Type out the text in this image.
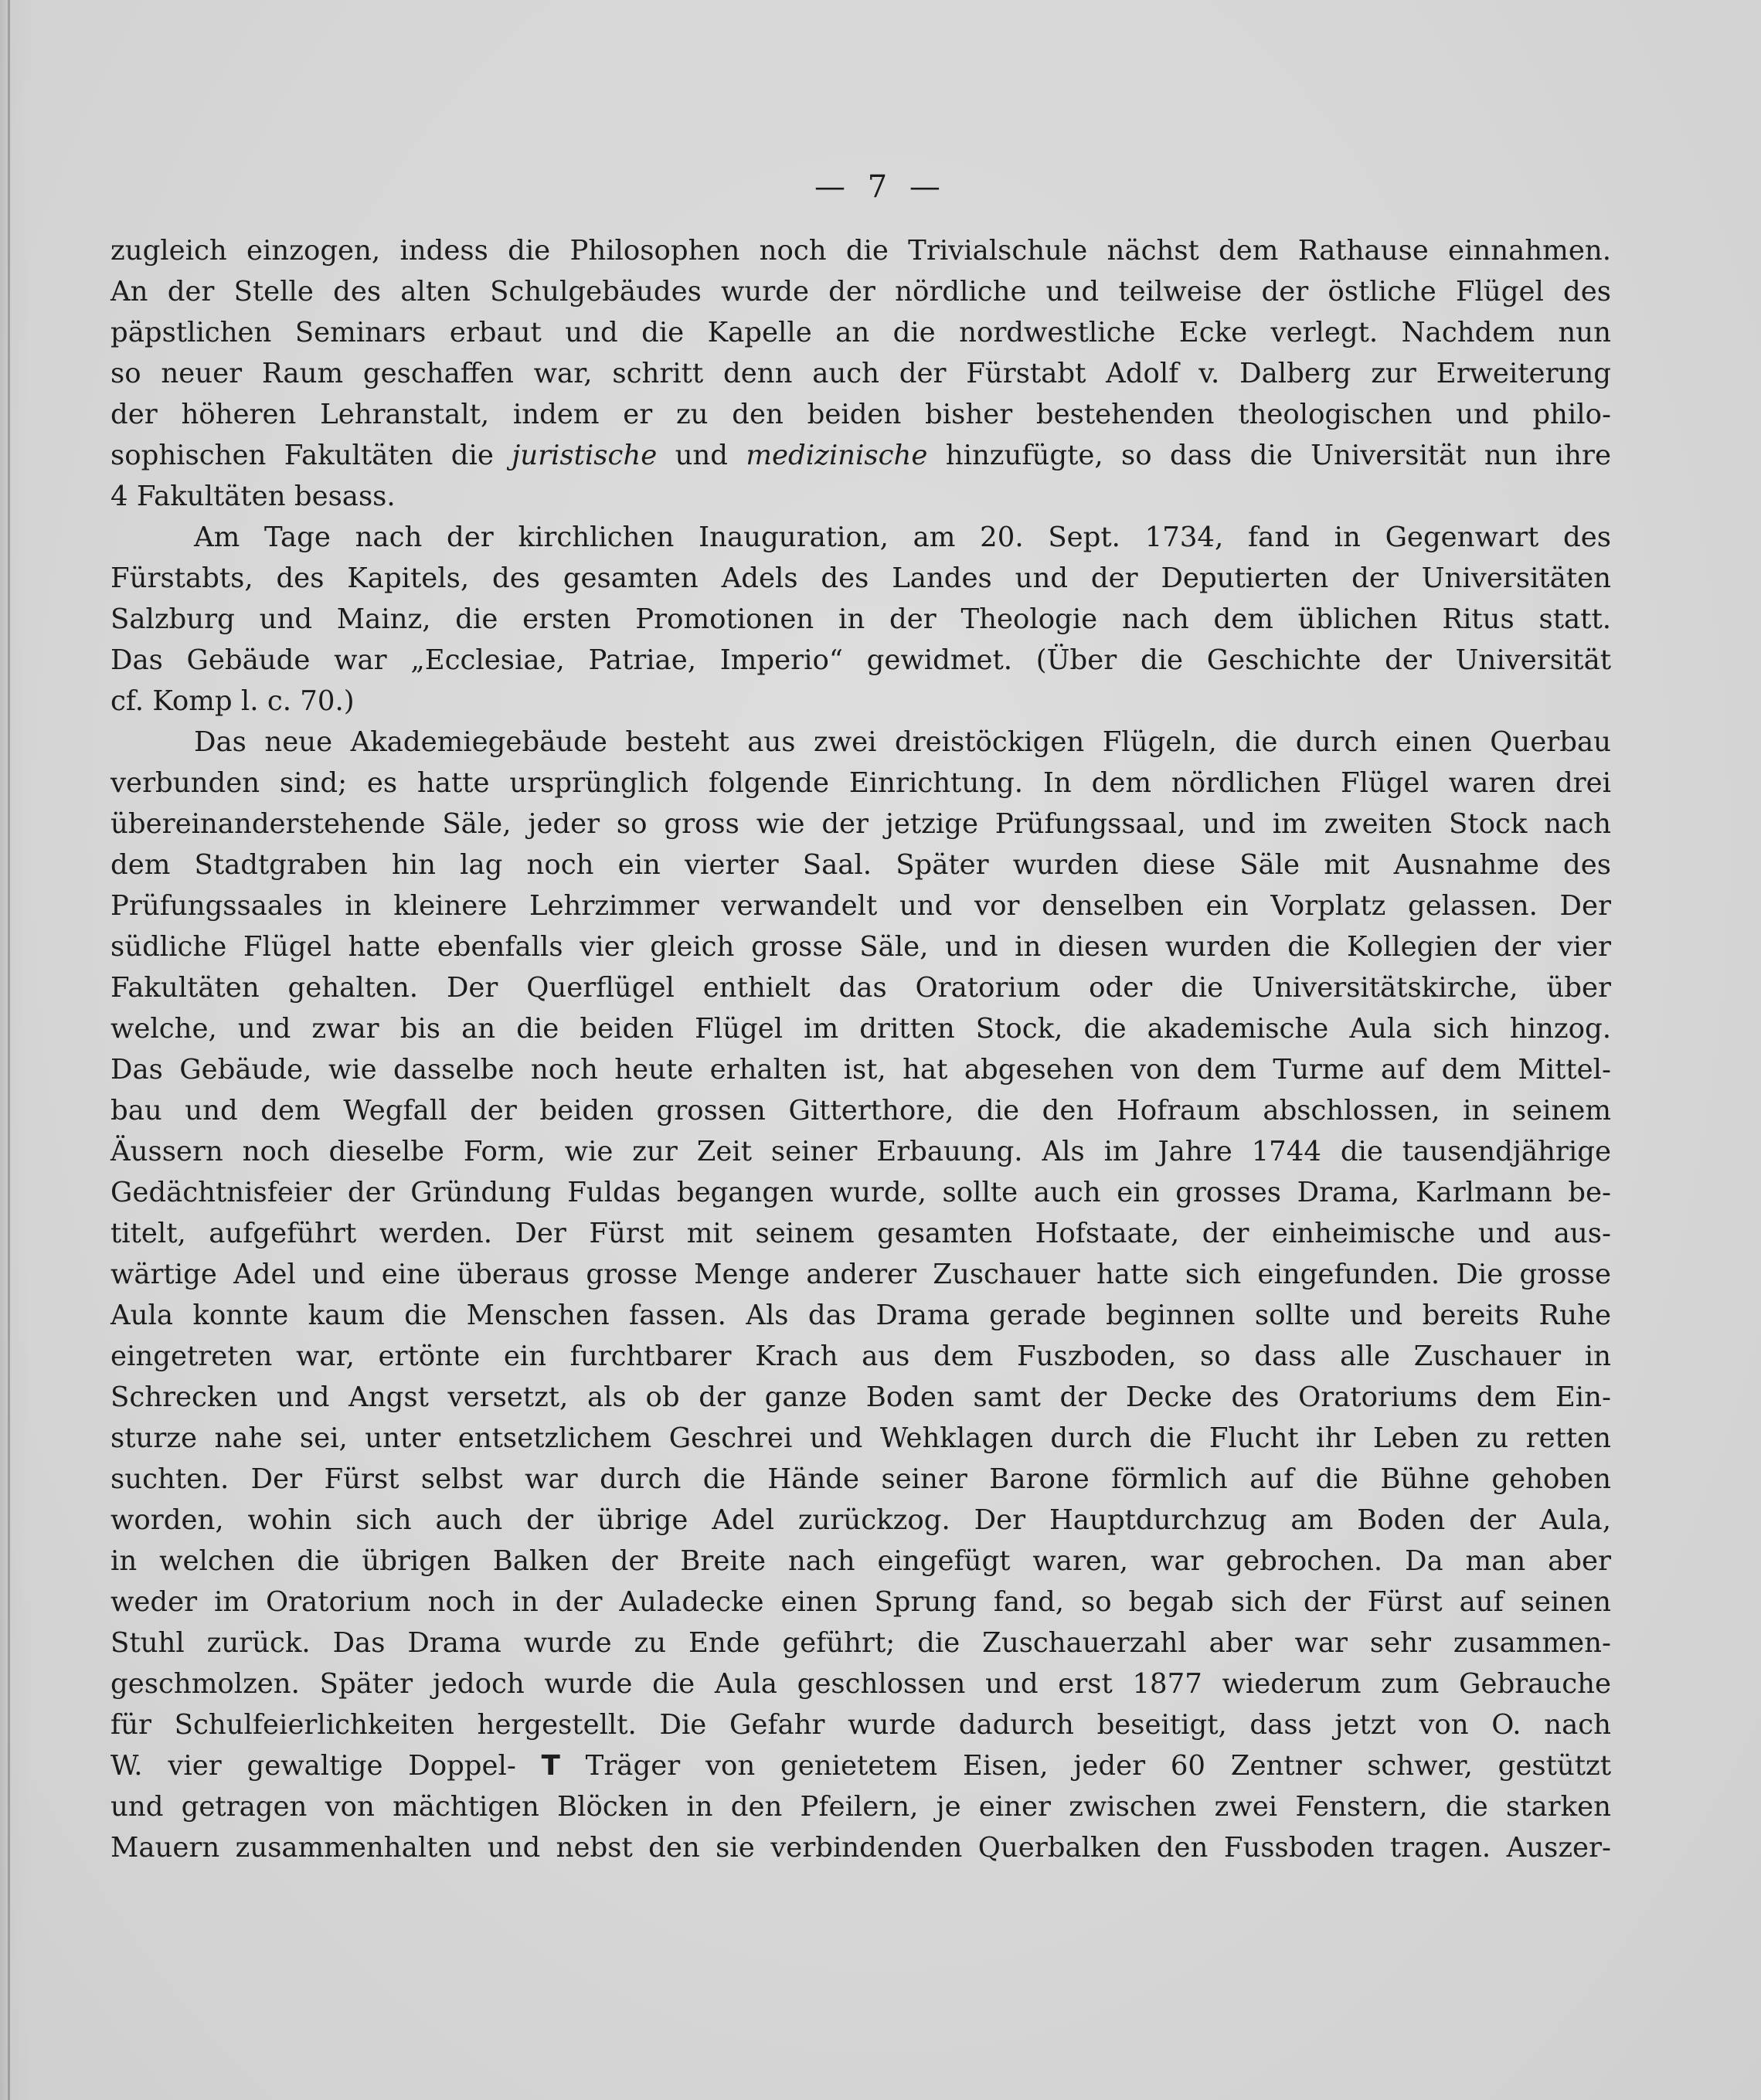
— 7 —
zugleich einzogen, indess die Philosophen noch die Trivialschule nächst dem Rathause einnahmen.
An der Stelle des alten Schulgebäudes wurde der nördliche und teilweise der östliche Flügel des
päpstlichen Seminars erbaut und die Kapelle an die nordwestliche Ecke verlegt. Nachdem nun
so neuer Raum geschaffen war, schritt denn auch der Fürstabt Adolf v. Dalberg zur Erweiterung
der höheren Lehranstalt, indem er zu den beiden bisher bestehenden theologischen und philo-
sophischen Fakultäten die juristische und medizinische hinzufügte, so dass die Universität nun ihre
4 Fakultäten besass.
Am Tage nach der kirchlichen Inauguration, am 20. Sept. 1734, fand in Gegenwart des
Fürstabts, des Kapitels, des gesamten Adels des Landes und der Deputierten der Universitäten
Salzburg und Mainz, die ersten Promotionen in der Theologie nach dem üblichen Ritus statt.
Das Gebäude war „Ecclesiae, Patriae, Imperio“ gewidmet. (Über die Geschichte der Universität
cf. Komp l. c. 70.)
Das neue Akademiegebäude besteht aus zwei dreistöckigen Flügeln, die durch einen Querbau
verbunden sind; es hatte ursprünglich folgende Einrichtung. In dem nördlichen Flügel waren drei
übereinanderstehende Säle, jeder so gross wie der jetzige Prüfungssaal, und im zweiten Stock nach
dem Stadtgraben hin lag noch ein vierter Saal. Später wurden diese Säle mit Ausnahme des
Prüfungssaales in kleinere Lehrzimmer verwandelt und vor denselben ein Vorplatz gelassen. Der
südliche Flügel hatte ebenfalls vier gleich grosse Säle, und in diesen wurden die Kollegien der vier
Fakultäten gehalten. Der Querflügel enthielt das Oratorium oder die Universitätskirche, über
welche, und zwar bis an die beiden Flügel im dritten Stock, die akademische Aula sich hinzog.
Das Gebäude, wie dasselbe noch heute erhalten ist, hat abgesehen von dem Turme auf dem Mittel-
bau und dem Wegfall der beiden grossen Gitterthore, die den Hofraum abschlossen, in seinem
Äussern noch dieselbe Form, wie zur Zeit seiner Erbauung. Als im Jahre 1744 die tausendjährige
Gedächtnisfeier der Gründung Fuldas begangen wurde, sollte auch ein grosses Drama, Karlmann be-
titelt, aufgeführt werden. Der Fürst mit seinem gesamten Hofstaate, der einheimische und aus-
wärtige Adel und eine überaus grosse Menge anderer Zuschauer hatte sich eingefunden. Die grosse
Aula konnte kaum die Menschen fassen. Als das Drama gerade beginnen sollte und bereits Ruhe
eingetreten war, ertönte ein furchtbarer Krach aus dem Fuszboden, so dass alle Zuschauer in
Schrecken und Angst versetzt, als ob der ganze Boden samt der Decke des Oratoriums dem Ein-
sturze nahe sei, unter entsetzlichem Geschrei und Wehklagen durch die Flucht ihr Leben zu retten
suchten. Der Fürst selbst war durch die Hände seiner Barone förmlich auf die Bühne gehoben
worden, wohin sich auch der übrige Adel zurückzog. Der Hauptdurchzug am Boden der Aula,
in welchen die übrigen Balken der Breite nach eingefügt waren, war gebrochen. Da man aber
weder im Oratorium noch in der Auladecke einen Sprung fand, so begab sich der Fürst auf seinen
Stuhl zurück. Das Drama wurde zu Ende geführt; die Zuschauerzahl aber war sehr zusammen-
geschmolzen. Später jedoch wurde die Aula geschlossen und erst 1877 wiederum zum Gebrauche
für Schulfeierlichkeiten hergestellt. Die Gefahr wurde dadurch beseitigt, dass jetzt von O. nach
W. vier gewaltige Doppel- T Träger von genietetem Eisen, jeder 60 Zentner schwer, gestützt
und getragen von mächtigen Blöcken in den Pfeilern, je einer zwischen zwei Fenstern, die starken
Mauern zusammenhalten und nebst den sie verbindenden Querbalken den Fussboden tragen. Auszer-
